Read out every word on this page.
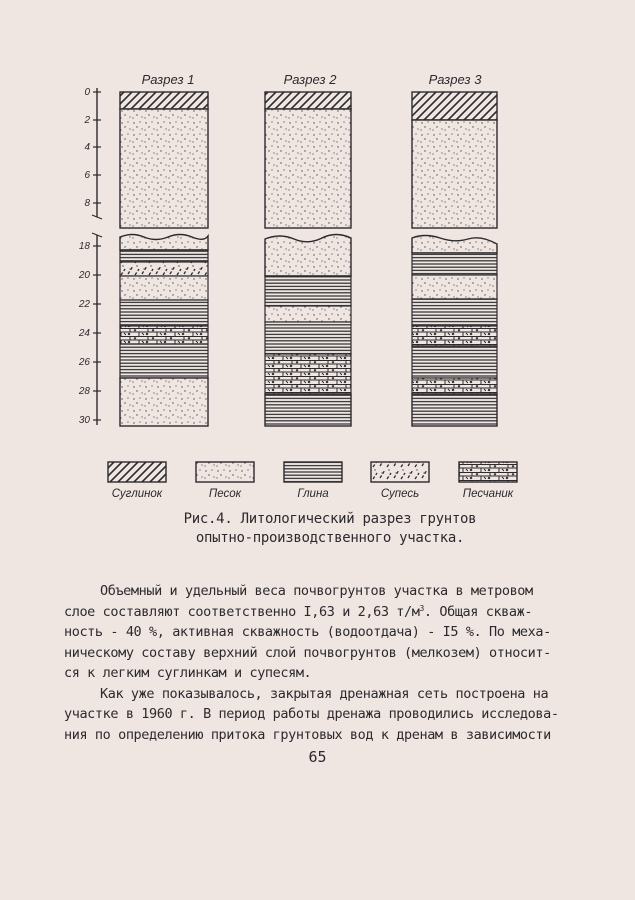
0
2
4
6
8
18
20
22
24
26
28
30
Разрез 1	Разрез 2	Разрез 3
Суглинок	Песок	Глина	Супесь	Песчаник
Рис.4. Литологический разрез грунтов
опытно-производственного участка.

Объемный и удельный веса почвогрунтов участка в метровом
слое составляют соответственно I,63 и 2,63 $т/м^3$. Общая скваж-
ность - 40 %, активная скважность (водоотдача) - I5 %. По меха-
ническому составу верхний слой почвогрунтов (мелкозем) относит-
ся к легким суглинкам и супесям.

Как уже показывалось, закрытая дренажная сеть построена на
участке в 1960 г. В период работы дренажа проводились исследова-
ния по определению притока грунтовых вод к дренам в зависимости

65
